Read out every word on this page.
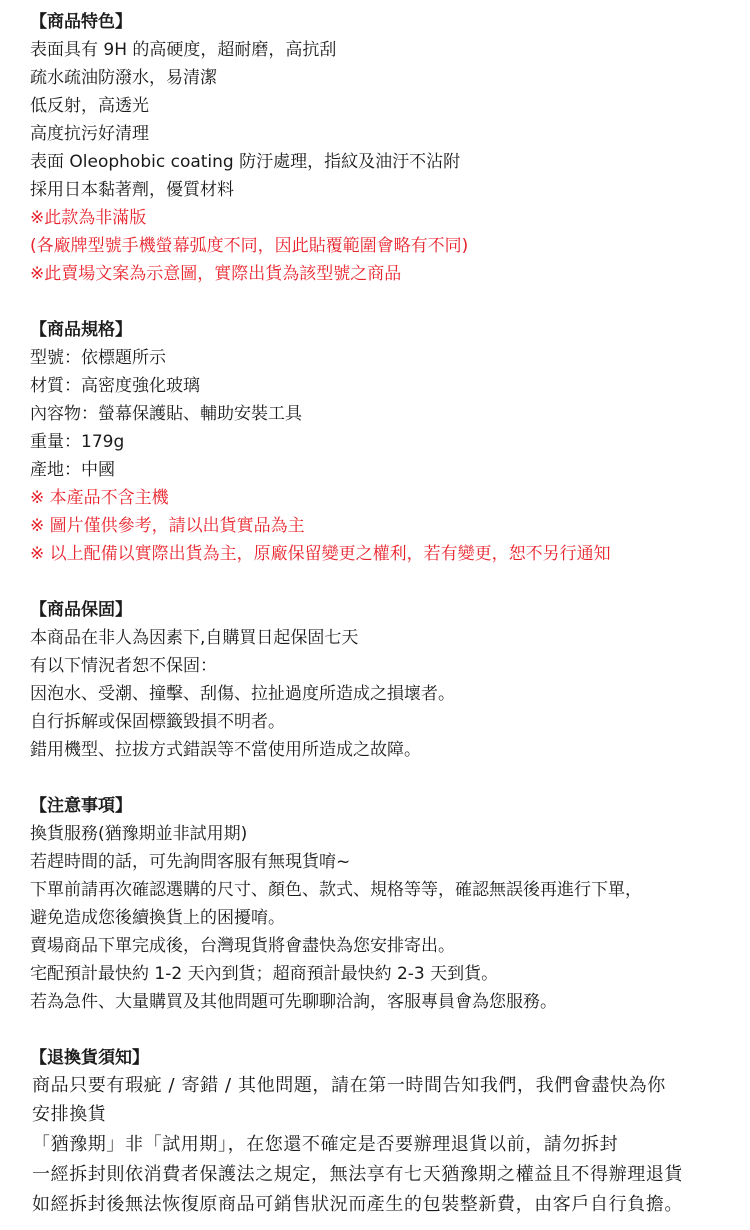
【商品特色】
表面具有 9H 的高硬度，超耐磨，高抗刮
疏水疏油防潑水，易清潔
低反射，高透光
高度抗污好清理
表面 Oleophobic coating 防汙處理，指紋及油汙不沾附
採用日本黏著劑，優質材料
※此款為非滿版
(各廠牌型號手機螢幕弧度不同，因此貼覆範圍會略有不同)
※此賣場文案為示意圖，實際出貨為該型號之商品
【商品規格】
型號：依標題所示
材質：高密度強化玻璃
內容物：螢幕保護貼、輔助安裝工具
重量：179g
產地：中國
※ 本產品不含主機
※ 圖片僅供參考，請以出貨實品為主
※ 以上配備以實際出貨為主，原廠保留變更之權利，若有變更，恕不另行通知
【商品保固】
本商品在非人為因素下,自購買日起保固七天
有以下情況者恕不保固：
因泡水、受潮、撞擊、刮傷、拉扯過度所造成之損壞者。
自行拆解或保固標籤毀損不明者。
錯用機型、拉拔方式錯誤等不當使用所造成之故障。
【注意事項】
換貨服務(猶豫期並非試用期)
若趕時間的話，可先詢問客服有無現貨唷~
下單前請再次確認選購的尺寸、顏色、款式、規格等等，確認無誤後再進行下單，
避免造成您後續換貨上的困擾唷。
賣場商品下單完成後，台灣現貨將會盡快為您安排寄出。
宅配預計最快約 1-2 天內到貨；超商預計最快約 2-3 天到貨。
若為急件、大量購買及其他問題可先聊聊洽詢，客服專員會為您服務。
【退換貨須知】
商品只要有瑕疵 / 寄錯 / 其他問題，請在第一時間告知我們，我們會盡快為你
安排換貨
「猶豫期」非「試用期」，在您還不確定是否要辦理退貨以前，請勿拆封
一經拆封則依消費者保護法之規定，無法享有七天猶豫期之權益且不得辦理退貨
如經拆封後無法恢復原商品可銷售狀況而產生的包裝整新費，由客戶自行負擔。
